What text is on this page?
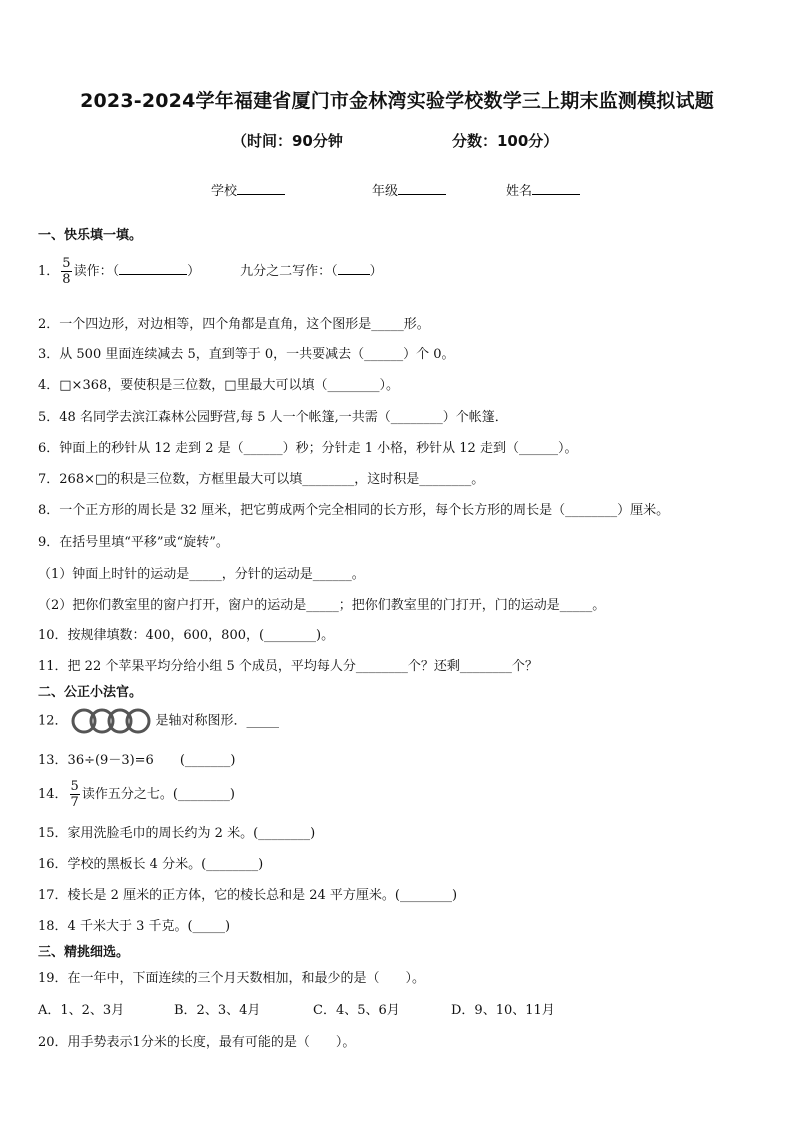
2023-2024学年福建省厦门市金林湾实验学校数学三上期末监测模拟试题
（时间：90分钟	分数：100分）
学校	年级	姓名
一、快乐填一填。
1． $\frac{5}{8}$ 读作：（	）	九分之二写作：（ ）
2．一个四边形，对边相等，四个角都是直角，这个图形是_____形。
3．从 500 里面连续减去 5，直到等于 0，一共要减去（______）个 0。
4．□×368，要使积是三位数，□里最大可以填（________）。
5．48 名同学去滨江森林公园野营,每 5 人一个帐篷,一共需（________）个帐篷．
6．钟面上的秒针从 12 走到 2 是（______）秒；分针走 1 小格，秒针从 12 走到（______）。
7．268×□的积是三位数，方框里最大可以填________，这时积是________。
8．一个正方形的周长是 32 厘米，把它剪成两个完全相同的长方形，每个长方形的周长是（________）厘米。
9．在括号里填“平移”或“旋转”。
（1）钟面上时针的运动是_____，分针的运动是______。
（2）把你们教室里的窗户打开，窗户的运动是_____；把你们教室里的门打开，门的运动是_____。
10．按规律填数：400，600，800，(________)。
11．把 22 个苹果平均分给小组 5 个成员，平均每人分________个？还剩________个？
二、公正小法官。
12．	是轴对称图形．_____
13．36÷(9－3)=6　　(_______)
14． $\frac{5}{7}$ 读作五分之七。(________)
15．家用洗脸毛巾的周长约为 2 米。(________)
16．学校的黑板长 4 分米。(________)
17．棱长是 2 厘米的正方体，它的棱长总和是 24 平方厘米。(________)
18．4 千米大于 3 千克。(_____)
三、精挑细选。
19．在一年中，下面连续的三个月天数相加，和最少的是（　　）。
A．1、2、3月	B．2、3、4月	C．4、5、6月	D．9、10、11月
20．用手势表示1分米的长度，最有可能的是（　　）。
